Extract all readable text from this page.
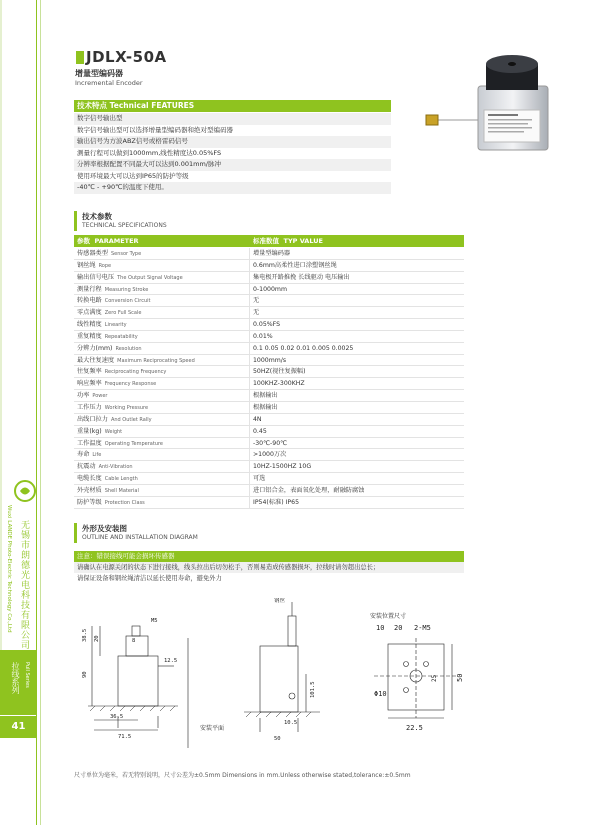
Wuxi LANDE Photo-Electric Technology Co.,Ltd 无锡市朗德光电科技有限公司
拉线系列 Pull Series
41
JDLX-50A
增量型编码器
Incremental Encoder
技术特点 Technical FEATURES
数字信号输出型
数字信号输出型可以选择增量型编码器和绝对型编码器
输出信号为方波ABZ信号或格雷码信号
测量行程可以做到1000mm,线性精度达0.05%FS
分辨率根据配置不同最大可以达到0.001mm/脉冲
使用环境最大可以达到IP65的防护等级
-40℃ - +90℃的温度下使用。
技术参数
TECHNICAL SPECIFICATIONS
参数 PARAMETER	标准数值 TYP VALUE
传感器类型 Sensor Type	增量型编码器
钢丝绳 Rope	0.6mm高柔性进口涂塑钢丝绳
输出信号电压 The Output Signal Voltage	集电极开路推挽 长线驱动 电压输出
测量行程 Measuring Stroke	0-1000mm
转换电路 Conversion Circuit	无
零点满度 Zero Full Scale	无
线性精度 Linearity	0.05%FS
重复精度 Repeatability	0.01%
分辨力(mm) Resolution	0.1 0.05 0.02 0.01 0.005 0.0025
最大往复速度 Maximum Reciprocating Speed	1000mm/s
往复频率 Reciprocating Frequency	50HZ(视往复振幅)
响应频率 Frequency Response	100KHZ-300KHZ
功率 Power	根据输出
工作压力 Working Pressure	根据输出
出线口拉力 And Outlet Rally	4N
重量(kg) Weight	0.45
工作温度 Operating Temperature	-30℃-90℃
寿命 Life	>1000万次
抗震动 Anti-Vibration	10HZ-1500HZ 10G
电缆长度 Cable Length	可选
外壳材质 Shell Material	进口铝合金，表面氧化处理，耐融防腐蚀
防护等级 Protection Class	IP54(标准) IP65
外形及安装图
OUTLINE AND INSTALLATION DIAGRAM
注意：错误接线可能会损坏传感器
请确认在电源关闭的状态下进行接线，线头拉出后切勿松手，否则易造成传感器损坏，拉线时请勿超出总长；
请保证设备和钢丝绳清洁以延长使用寿命，避免外力
M5
38.5	8
12.5
20
90
36.5
71.5
钢丝
10.5
50
101.5
安装平面
安装位置尺寸
10 20 2-M5
25	50
Φ10
22.5
尺寸单位为毫米，若无特别说明，尺寸公差为±0.5mm Dimensions in mm.Unless otherwise stated,tolerance:±0.5mm
